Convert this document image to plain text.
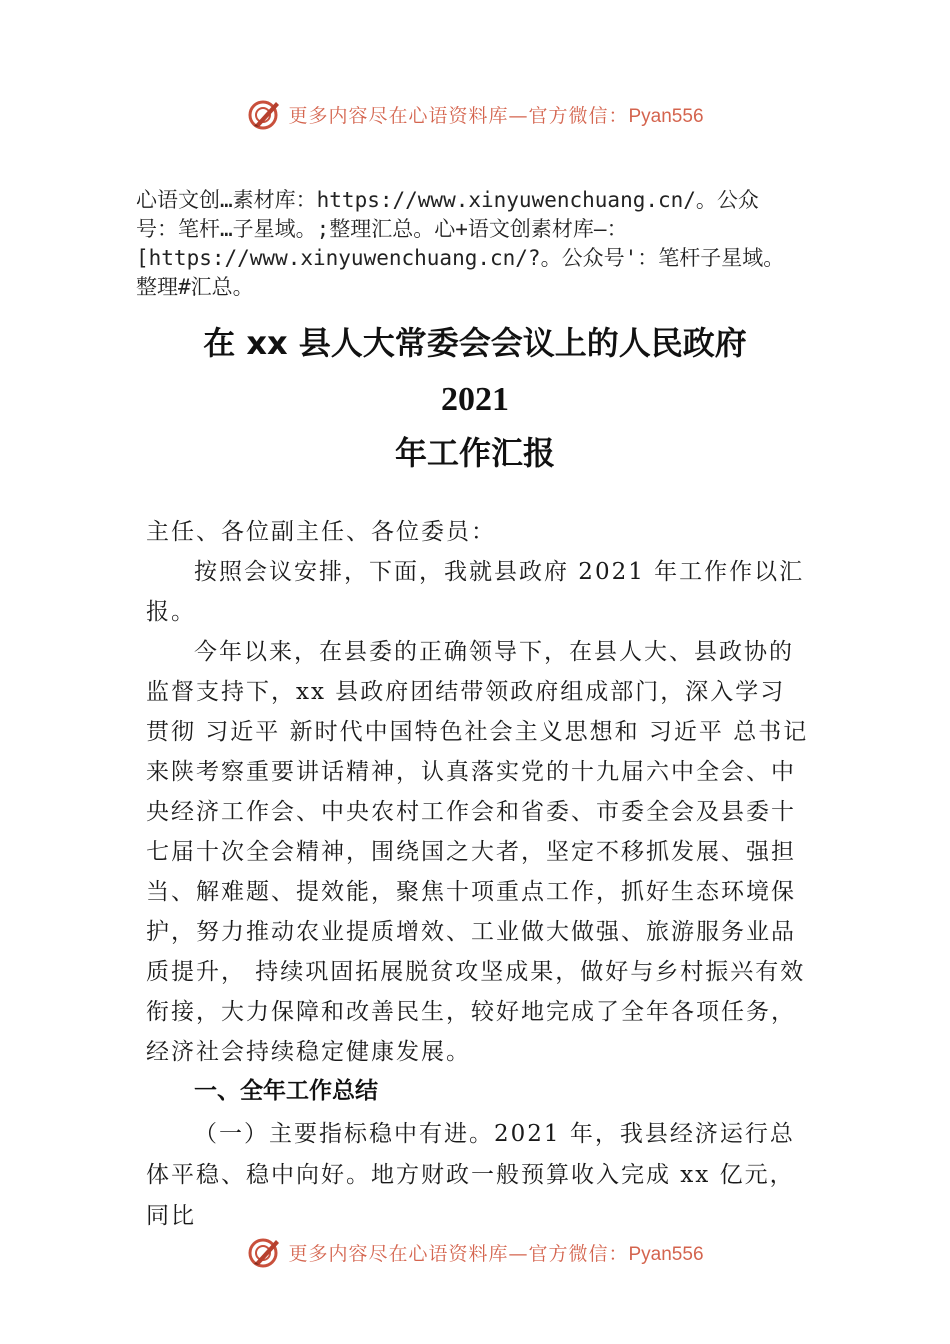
更多内容尽在心语资料库—官方微信：Pyan556
心语文创…素材库：https://www.xinyuwenchuang.cn/。公众
号：笔杆…子星域。;整理汇总。心+语文创素材库—：
[https://www.xinyuwenchuang.cn/?。公众号'：笔杆子星域。
整理#汇总。
在 xx 县人大常委会会议上的人民政府
2021
年工作汇报
主任、各位副主任、各位委员：
按照会议安排，下面，我就县政府 2021 年工作作以汇报。
今年以来，在县委的正确领导下，在县人大、县政协的监督支持下，xx 县政府团结带领政府组成部门，深入学习贯彻 习近平 新时代中国特色社会主义思想和 习近平 总书记来陕考察重要讲话精神，认真落实党的十九届六中全会、中央经济工作会、中央农村工作会和省委、市委全会及县委十七届十次全会精神，围绕国之大者，坚定不移抓发展、强担当、解难题、提效能，聚焦十项重点工作，抓好生态环境保护，努力推动农业提质增效、工业做大做强、旅游服务业品质提升， 持续巩固拓展脱贫攻坚成果，做好与乡村振兴有效衔接，大力保障和改善民生，较好地完成了全年各项任务，经济社会持续稳定健康发展。
一、全年工作总结
（一）主要指标稳中有进。2021 年，我县经济运行总体平稳、稳中向好。地方财政一般预算收入完成 xx 亿元，同比
更多内容尽在心语资料库—官方微信：Pyan556
